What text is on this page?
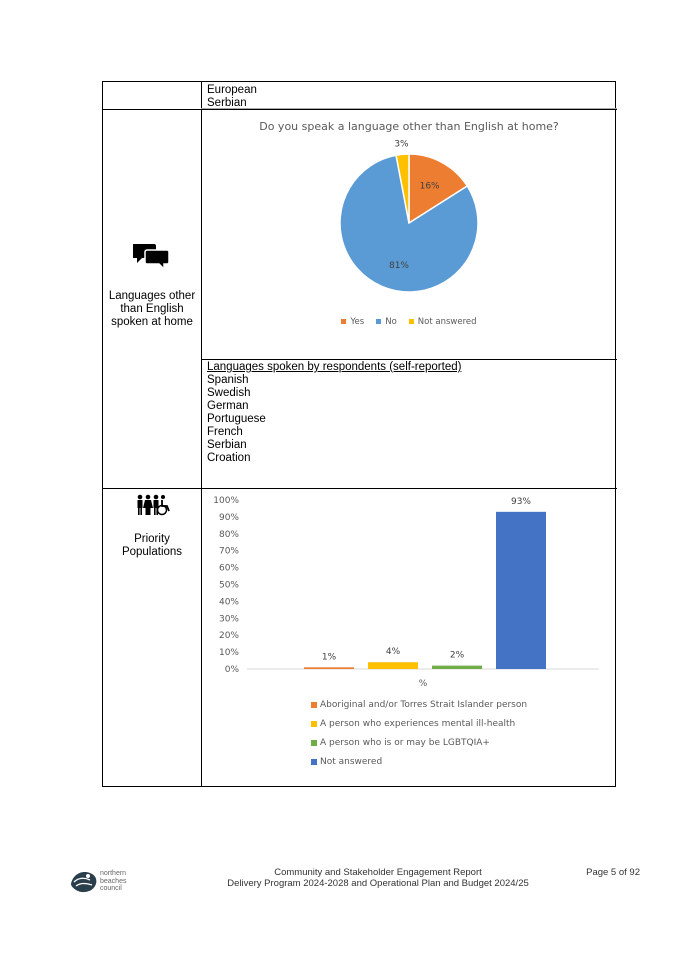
European
Serbian
Languages other
than English
spoken at home
Do you speak a language other than English at home?
16%
81%
3%
Yes No Not answered
Languages spoken by respondents (self-reported)
Spanish
Swedish
German
Portuguese
French
Serbian
Croation
Priority
Populations
100%
90%
80%
70%
60%
50%
40%
30%
20%
10%
0%
1%
4%	2%
93%
%
Aboriginal and/or Torres Strait Islander person
A person who experiences mental ill-health
A person who is or may be LGBTQIA+
Not answered
northern
beaches
council
Community and Stakeholder Engagement Report
Delivery Program 2024-2028 and Operational Plan and Budget 2024/25
Page 5 of 92
